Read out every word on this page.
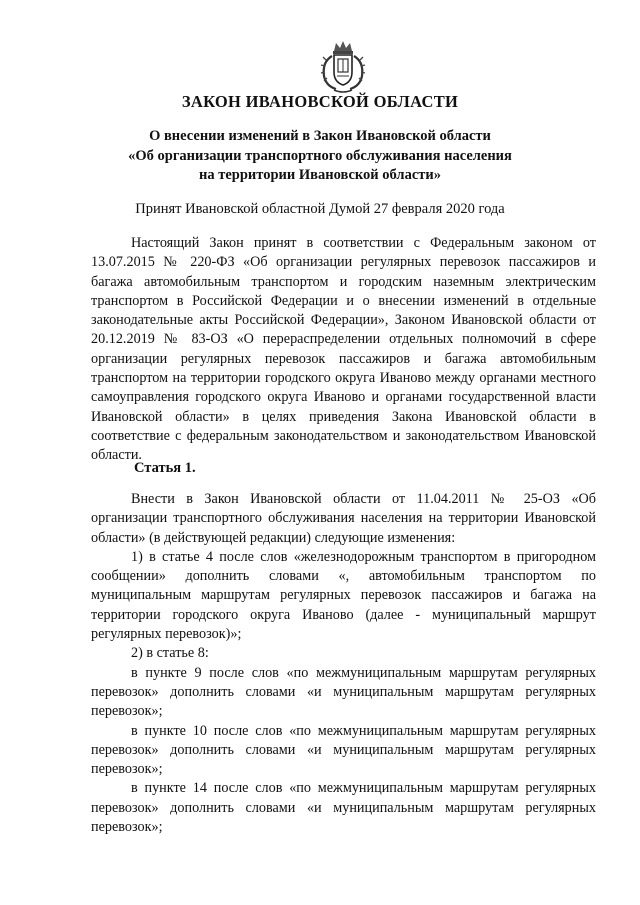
ЗАКОН ИВАНОВСКОЙ ОБЛАСТИ
О внесении изменений в Закон Ивановской области
«Об организации транспортного обслуживания населения
на территории Ивановской области»
Принят Ивановской областной Думой 27 февраля 2020 года

Настоящий Закон принят в соответствии с Федеральным законом от 13.07.2015 № 220-ФЗ «Об организации регулярных перевозок пассажиров и багажа автомобильным транспортом и городским наземным электрическим транспортом в Российской Федерации и о внесении изменений в отдельные законодательные акты Российской Федерации», Законом Ивановской области от 20.12.2019 № 83-ОЗ «О перераспределении отдельных полномочий в сфере организации регулярных перевозок пассажиров и багажа автомобильным транспортом на территории городского округа Иваново между органами местного самоуправления городского округа Иваново и органами государственной власти Ивановской области» в целях приведения Закона Ивановской области в соответствие с федеральным законодательством и законодательством Ивановской области.

Статья 1.

Внести в Закон Ивановской области от 11.04.2011 № 25-ОЗ «Об организации транспортного обслуживания населения на территории Ивановской области» (в действующей редакции) следующие изменения:

1) в статье 4 после слов «железнодорожным транспортом в пригородном сообщении» дополнить словами «, автомобильным транспортом по муниципальным маршрутам регулярных перевозок пассажиров и багажа на территории городского округа Иваново (далее - муниципальный маршрут регулярных перевозок)»;

2) в статье 8:

в пункте 9 после слов «по межмуниципальным маршрутам регулярных перевозок» дополнить словами «и муниципальным маршрутам регулярных перевозок»;

в пункте 10 после слов «по межмуниципальным маршрутам регулярных перевозок» дополнить словами «и муниципальным маршрутам регулярных перевозок»;

в пункте 14 после слов «по межмуниципальным маршрутам регулярных перевозок» дополнить словами «и муниципальным маршрутам регулярных перевозок»;
